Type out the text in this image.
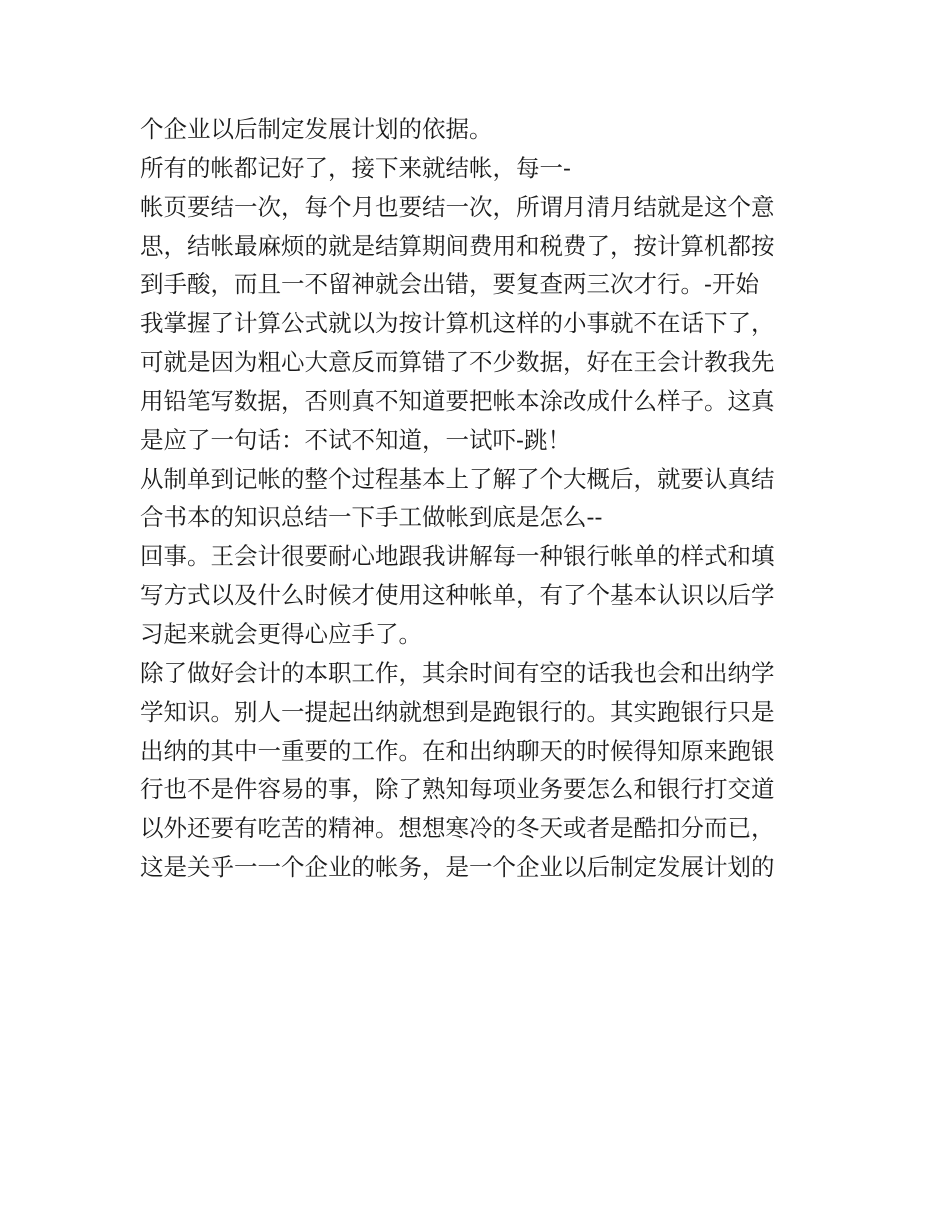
个企业以后制定发展计划的依据。

所有的帐都记好了，接下来就结帐，每一-

帐页要结一次，每个月也要结一次，所谓月清月结就是这个意

思，结帐最麻烦的就是结算期间费用和税费了，按计算机都按

到手酸，而且一不留神就会出错，要复查两三次才行。-开始

我掌握了计算公式就以为按计算机这样的小事就不在话下了，

可就是因为粗心大意反而算错了不少数据，好在王会计教我先

用铅笔写数据，否则真不知道要把帐本涂改成什么样子。这真

是应了一句话：不试不知道，一试吓-跳！

从制单到记帐的整个过程基本上了解了个大概后，就要认真结

合书本的知识总结一下手工做帐到底是怎么--

回事。王会计很要耐心地跟我讲解每一种银行帐单的样式和填

写方式以及什么时候才使用这种帐单，有了个基本认识以后学

习起来就会更得心应手了。

除了做好会计的本职工作，其余时间有空的话我也会和出纳学

学知识。别人一提起出纳就想到是跑银行的。其实跑银行只是

出纳的其中一重要的工作。在和出纳聊天的时候得知原来跑银

行也不是件容易的事，除了熟知每项业务要怎么和银行打交道

以外还要有吃苦的精神。想想寒冷的冬天或者是酷扣分而已，

这是关乎一一个企业的帐务，是一个企业以后制定发展计划的
